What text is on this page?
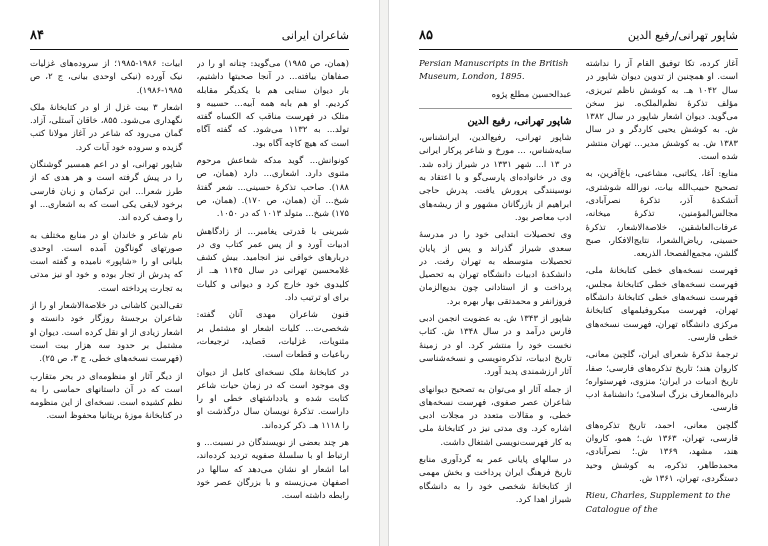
۸۴	شاعران ایرانی

ابیات: ۱۹۸۶-۱۹۸۵؛ از سروده‌های غزلیات نیک آورده (نیکی اوحدی بیانی، ج ۲، ص ۱۹۸۵-۱۹۸۶).

اشعار ۳ بیت غزل از او در کتابخانهٔ ملک نگهداری می‌شود. ۸۵۵، خاقان آستلی، آزاد. گمان می‌رود که شاعر در آغاز مولانا کتب گزیده و سروده خود آیات کرد.

شاپور تهرانی، او در اعم همسیر گوشنگان را در پیش گرفته است و هر هدی که از طرز شعرا... ابن ترکمان و زبان فارسی برخود لایقی یکی است که به اشعاری... او را وصف کرده اند.

نام شاعر و خاندان او در منابع مختلف به صورتهای گوناگون آمده است. اوحدی بلیانی او را «شاپور» نامیده و گفته است که پدرش از تجار بوده و خود او نیز مدتی به تجارت پرداخته است.

تقی‌الدین کاشانی در خلاصة‌الاشعار او را از شاعران برجستهٔ روزگار خود دانسته و اشعار زیادی از او نقل کرده است. دیوان او مشتمل بر حدود سه هزار بیت است (فهرست نسخه‌های خطی، ج ۳، ص ۲۵).

از دیگر آثار او منظومه‌ای در بحر متقارب است که در آن داستانهای حماسی را به نظم کشیده است. نسخه‌ای از این منظومه در کتابخانهٔ موزهٔ بریتانیا محفوظ است.

(همان، ص ۱۹۸۵) می‌گوید: چنانه او را در صفاهان بیافته... در آنجا صحبتها داشتیم، بار دیوان سنایی هم با یکدیگر مقابله کردیم. او هم بابه همه آبیه... حسیبه و متلک در فهرست مناقب که الکساه گفته تولد... به ۱۱۳۲ می‌شود. که گفته آگاه است که هیچ کاچه آگاه بود.

کونوانش... گوید مدکه شعاعش مرحوم مثنوی دارد. اشعاری... دارد (همان، ص ۱۸۸). صاحب تذکرهٔ حسینی... شعر گفتهٔ شیخ... آن (همان، ص ۱۷۰). (همان، ص ۱۷۵) شیخ... متولد ۱۰۱۳ که در ۱۰۵۰.

شیرینی با قدرتی یغامبر... از زادگاهش ادبیات آورد و از پس عمر کتاب وی در دربارهای خوافی نیز انجامید. بیش کشف غلامحسین تهرانی در سال ۱۱۴۵ هـ. از کلیدوی خود خارج کرد و دیوانی و کلیات برای او ترتیب داد.

فنون شاعران مهدی آنان گفته: شخصی‌ت... کلیات اشعار او مشتمل بر مثنویات، غزلیات، قصاید، ترجیعات، رباعیات و قطعات است.

در کتابخانهٔ ملک نسخه‌ای کامل از دیوان وی موجود است که در زمان حیات شاعر کتابت شده و یادداشتهای خطی او را داراست. تذکرهٔ نویسان سال درگذشت او را ۱۱۱۸ هـ. ذکر کرده‌اند.

هر چند بعضی از نویسندگان در نسبت... و ارتباط او با سلسلهٔ صفویه تردید کرده‌اند، اما اشعار او نشان می‌دهد که سالها در اصفهان می‌زیسته و با بزرگان عصر خود رابطه داشته است.

۸۵	شاپور تهرانی/رفیع الدین

Persian Manuscripts in the British Museum, London, 1895.

عبدالحسین مطلع پژوه

شاپور تهرانی، رفیع الدین

شاپور تهرانی، رفیع‌الدین، ایرانشناس، سایه‌شناس، ... مورخ و شاعر پرکار ایرانی در ۱۳ ا... شهر ۱۳۳۱ در شیراز زاده شد. وی در خانواده‌ای پارسی‌گو و با اعتقاد به نوسینندگی پرورش یافت. پدرش حاجی ابراهیم از بازرگانان مشهور و از ریشه‌های ادب معاصر بود.

وی تحصیلات ابتدایی خود را در مدرسهٔ سعدی شیراز گذراند و پس از پایان تحصیلات متوسطه به تهران رفت. در دانشکدهٔ ادبیات دانشگاه تهران به تحصیل پرداخت و از استادانی چون بدیع‌الزمان فروزانفر و محمدتقی بهار بهره برد.

شاپور از ۱۳۴۳ ش. به عضویت انجمن ادبی فارس درآمد و در سال ۱۳۴۸ ش. کتاب نخست خود را منتشر کرد. او در زمینهٔ تاریخ ادبیات، تذکره‌نویسی و نسخه‌شناسی آثار ارزشمندی پدید آورد.

از جمله آثار او می‌توان به تصحیح دیوانهای شاعران عصر صفوی، فهرست نسخه‌های خطی، و مقالات متعدد در مجلات ادبی اشاره کرد. وی مدتی نیز در کتابخانهٔ ملی به کار فهرست‌نویسی اشتغال داشت.

در سالهای پایانی عمر به گردآوری منابع تاریخ فرهنگ ایران پرداخت و بخش مهمی از کتابخانهٔ شخصی خود را به دانشگاه شیراز اهدا کرد.

آغاز کرده، تکا توفیق القام آز را نداشته است. او همچنین از تدوین دیوان شاپور در سال ۱۰۴۲ هـ. به کوشش ناظم تبریزی، مؤلف تذکرهٔ نظم‌الملک‌ه. نیز سخن می‌گوید. دیوان اشعار شاپور در سال ۱۳۸۲ ش. به کوشش یحیی کاردگر و در سال ۱۳۸۳ ش. به کوشش مدیر... تهران منتشر شده است.

منابع: آغا، یکاتبی، مشاعبی، باغ‌آفرین، به تصحیح حبیب‌الله بیات، نورالله شوشتری، آتشکدهٔ آذر، تذکرهٔ نصرآبادی، مجالس‌المؤمنین، تذکرهٔ میخانه، عرفات‌العاشقین، خلاصةالاشعار، تذکرهٔ حسینی، ریاض‌الشعرا، نتایج‌الافکار، صبح گلشن، مجمع‌الفصحا، الذریعه.

فهرست نسخه‌های خطی کتابخانهٔ ملی، فهرست نسخه‌های خطی کتابخانهٔ مجلس، فهرست نسخه‌های خطی کتابخانهٔ دانشگاه تهران، فهرست میکروفیلمهای کتابخانهٔ مرکزی دانشگاه تهران، فهرست نسخه‌های خطی فارسی.

ترجمهٔ تذکرهٔ شعرای ایران، گلچین معانی، کاروان هند؛ تاریخ تذکره‌های فارسی؛ صفا، تاریخ ادبیات در ایران؛ منزوی، فهرستواره؛ دایرةالمعارف بزرگ اسلامی؛ دانشنامهٔ ادب فارسی.

گلچین معانی، احمد، تاریخ تذکره‌های فارسی، تهران، ۱۳۶۳ ش.؛ همو، کاروان هند، مشهد، ۱۳۶۹ ش.؛ نصرآبادی، محمدطاهر، تذکره، به کوشش وحید دستگردی، تهران، ۱۳۶۱ ش.

Rieu, Charles, Supplement to the Catalogue of the
